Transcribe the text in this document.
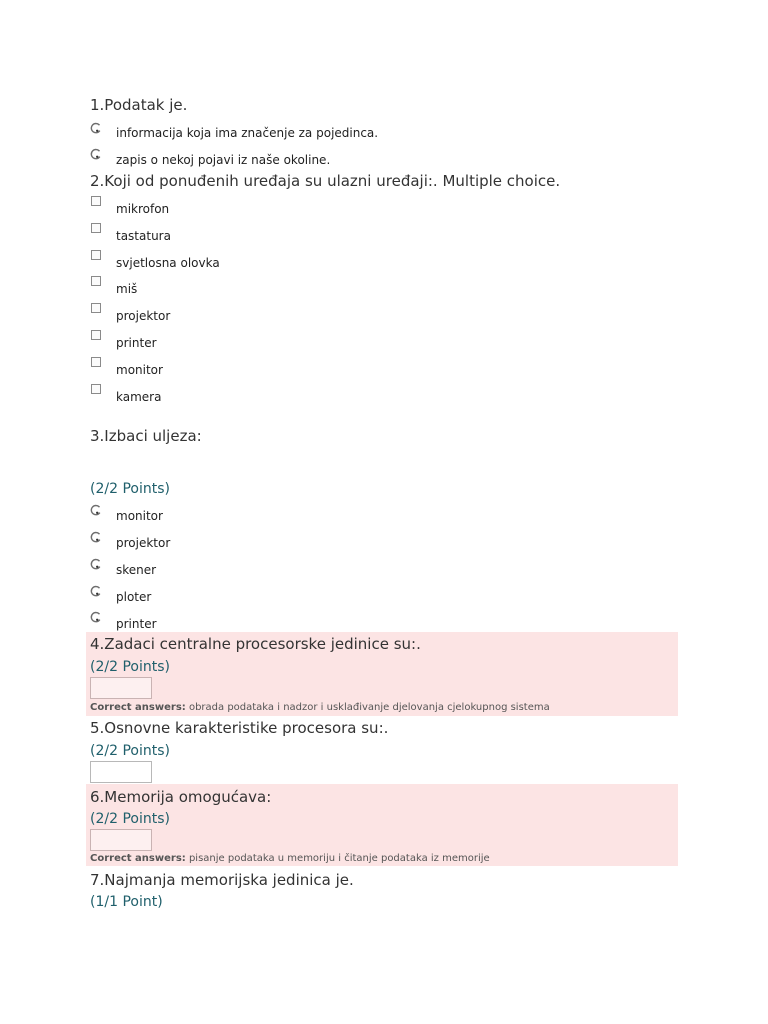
1.Podatak je.
informacija koja ima značenje za pojedinca.
zapis o nekoj pojavi iz naše okoline.
2.Koji od ponuđenih uređaja su ulazni uređaji:. Multiple choice.
mikrofon
tastatura
svjetlosna olovka
miš
projektor
printer
monitor
kamera
3.Izbaci uljeza:
(2/2 Points)
monitor
projektor
skener
ploter
printer
4.Zadaci centralne procesorske jedinice su:.
(2/2 Points)
Correct answers: obrada podataka i nadzor i usklađivanje djelovanja cjelokupnog sistema
5.Osnovne karakteristike procesora su:.
(2/2 Points)
6.Memorija omogućava:
(2/2 Points)
Correct answers: pisanje podataka u memoriju i čitanje podataka iz memorije
7.Najmanja memorijska jedinica je.
(1/1 Point)
